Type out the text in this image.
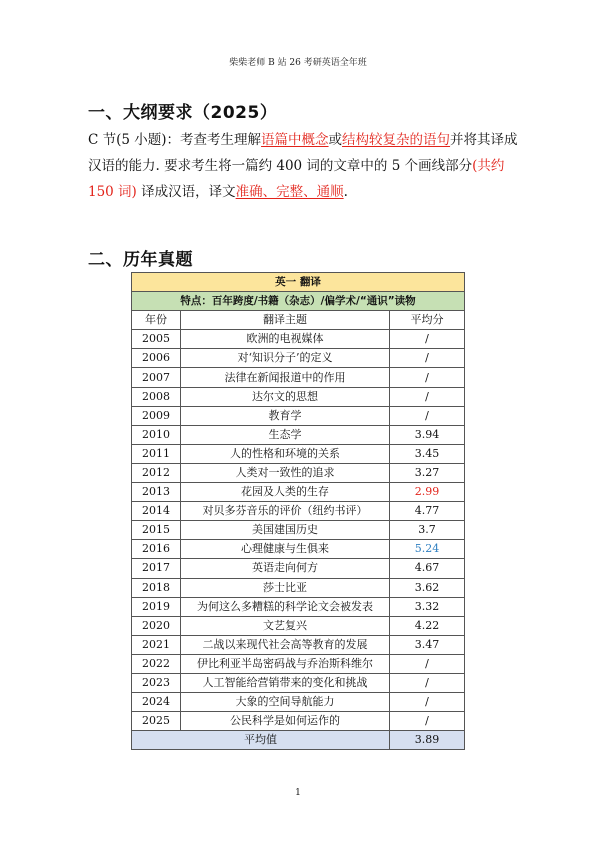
柴柴老师 B 站 26 考研英语全年班
一、大纲要求（2025）
C 节(5 小题)：考查考生理解语篇中概念或结构较复杂的语句并将其译成汉语的能力. 要求考生将一篇约 400 词的文章中的 5 个画线部分(共约 150 词) 译成汉语，译文准确、完整、通顺.
二、历年真题
英一 翻译		
特点：百年跨度/书籍（杂志）/偏学术/“通识”读物		
年份	翻译主题	平均分
2005	欧洲的电视媒体	/
2006	对‘知识分子’的定义	/
2007	法律在新闻报道中的作用	/
2008	达尔文的思想	/
2009	教育学	/
2010	生态学	3.94
2011	人的性格和环境的关系	3.45
2012	人类对一致性的追求	3.27
2013	花园及人类的生存	2.99
2014	对贝多芬音乐的评价（纽约书评）	4.77
2015	美国建国历史	3.7
2016	心理健康与生俱来	5.24
2017	英语走向何方	4.67
2018	莎士比亚	3.62
2019	为何这么多糟糕的科学论文会被发表	3.32
2020	文艺复兴	4.22
2021	二战以来现代社会高等教育的发展	3.47
2022	伊比利亚半岛密码战与乔治斯科维尔	/
2023	人工智能给营销带来的变化和挑战	/
2024	大象的空间导航能力	/
2025	公民科学是如何运作的	/
平均值		3.89
1
